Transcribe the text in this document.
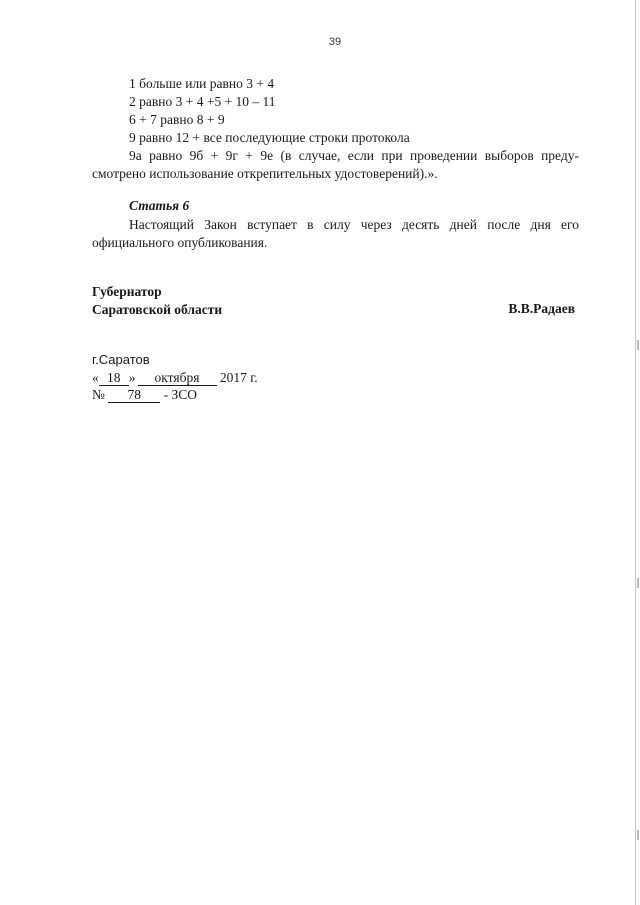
39
1 больше или равно 3 + 4
2 равно 3 + 4 +5 + 10 – 11
6 + 7 равно 8 + 9
9 равно 12 + все последующие строки протокола
9а равно 9б + 9г + 9е (в случае, если при проведении выборов преду-смотрено использование открепительных удостоверений).».
Статья 6
Настоящий Закон вступает в силу через десять дней после дня его официального опубликования.
Губернатор
Саратовской области	В.В.Радаев
г.Саратов
« 18 » октября 2017 г.
№ 78 - ЗСО
